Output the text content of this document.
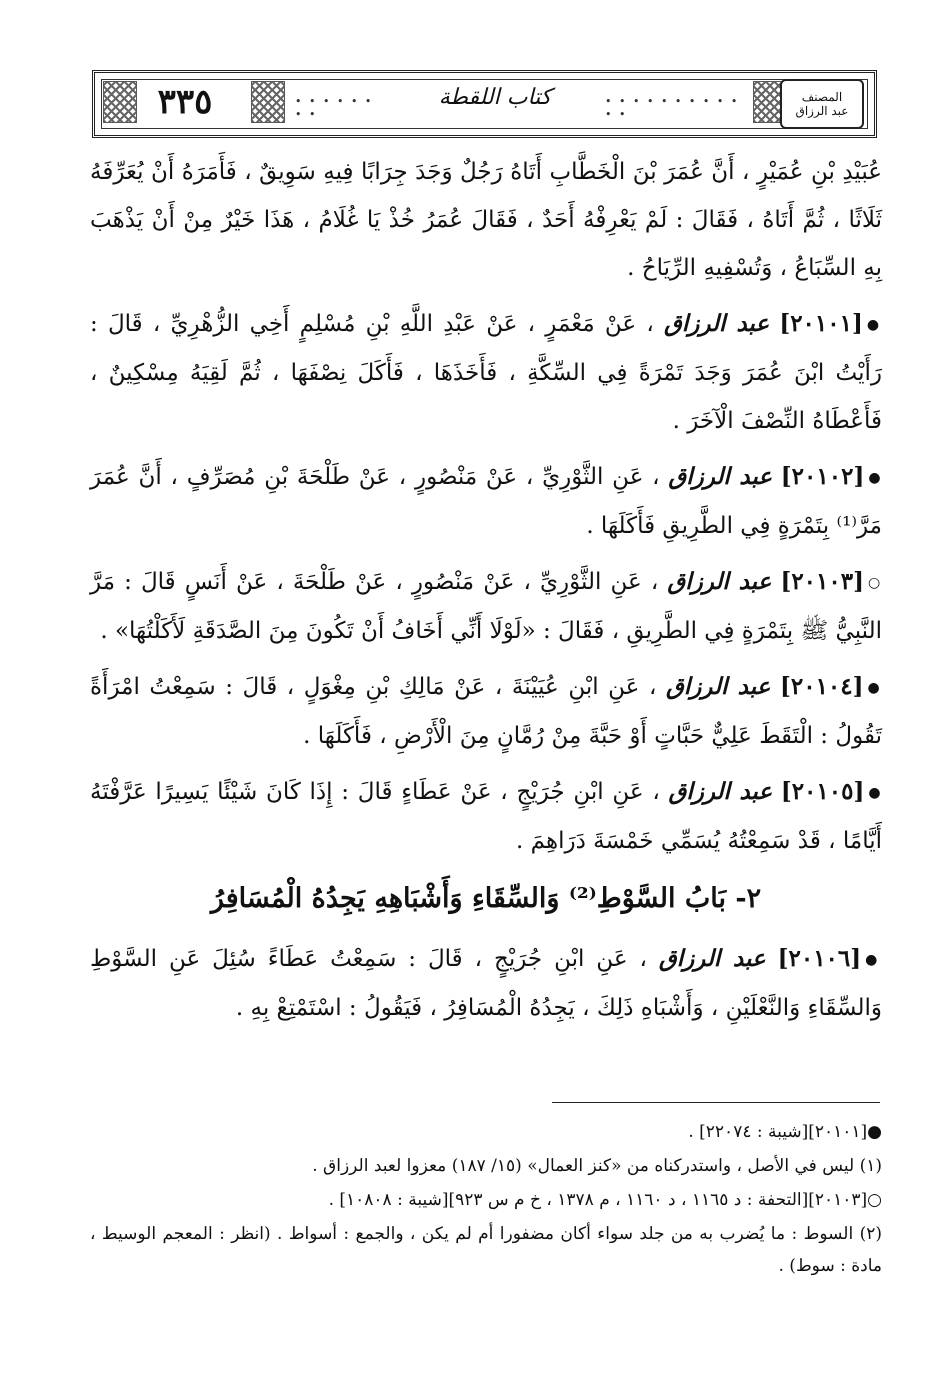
٣٣٥	• • • • • • • •
كتاب اللقطة	• • • • • • • • • • • •
المصنف
عبد الرزاق

عُبَيْدِ بْنِ عُمَيْرٍ ، أَنَّ عُمَرَ بْنَ الْخَطَّابِ أَتَاهُ رَجُلٌ وَجَدَ جِرَابًا فِيهِ سَوِيقٌ ، فَأَمَرَهُ أَنْ يُعَرِّفَهُ ثَلَاثًا ، ثُمَّ أَتَاهُ ، فَقَالَ : لَمْ يَعْرِفْهُ أَحَدٌ ، فَقَالَ عُمَرُ خُذْ يَا غُلَامُ ، هَذَا خَيْرٌ مِنْ أَنْ يَذْهَبَ بِهِ السِّبَاعُ ، وَتُسْفِيهِ الرِّيَاحُ .

●[٢٠١٠١] عبد الرزاق ، عَنْ مَعْمَرٍ ، عَنْ عَبْدِ اللَّهِ بْنِ مُسْلِمٍ أَخِي الزُّهْرِيِّ ، قَالَ : رَأَيْتُ ابْنَ عُمَرَ وَجَدَ تَمْرَةً فِي السِّكَّةِ ، فَأَخَذَهَا ، فَأَكَلَ نِصْفَهَا ، ثُمَّ لَقِيَهُ مِسْكِينٌ ، فَأَعْطَاهُ النِّصْفَ الْآخَرَ .

●[٢٠١٠٢] عبد الرزاق ، عَنِ الثَّوْرِيِّ ، عَنْ مَنْصُورٍ ، عَنْ طَلْحَةَ بْنِ مُصَرِّفٍ ، أَنَّ عُمَرَ مَرَّ⁽¹⁾ بِتَمْرَةٍ فِي الطَّرِيقِ فَأَكَلَهَا .

○[٢٠١٠٣] عبد الرزاق ، عَنِ الثَّوْرِيِّ ، عَنْ مَنْصُورٍ ، عَنْ طَلْحَةَ ، عَنْ أَنَسٍ قَالَ : مَرَّ النَّبِيُّ ﷺ بِتَمْرَةٍ فِي الطَّرِيقِ ، فَقَالَ : «لَوْلَا أَنِّي أَخَافُ أَنْ تَكُونَ مِنَ الصَّدَقَةِ لَأَكَلْتُهَا» .

●[٢٠١٠٤] عبد الرزاق ، عَنِ ابْنِ عُيَيْنَةَ ، عَنْ مَالِكِ بْنِ مِغْوَلٍ ، قَالَ : سَمِعْتُ امْرَأَةً تَقُولُ : الْتَقَطَ عَلِيٌّ حَبَّاتٍ أَوْ حَبَّةَ مِنْ رُمَّانٍ مِنَ الْأَرْضِ ، فَأَكَلَهَا .

●[٢٠١٠٥] عبد الرزاق ، عَنِ ابْنِ جُرَيْجٍ ، عَنْ عَطَاءٍ قَالَ : إِذَا كَانَ شَيْئًا يَسِيرًا عَرَّفْتَهُ أَيَّامًا ، قَدْ سَمِعْتُهُ يُسَمِّي خَمْسَةَ دَرَاهِمَ .

٢- بَابُ السَّوْطِ⁽²⁾ وَالسِّقَاءِ وَأَشْبَاهِهِ يَجِدُهُ الْمُسَافِرُ

●[٢٠١٠٦] عبد الرزاق ، عَنِ ابْنِ جُرَيْجٍ ، قَالَ : سَمِعْتُ عَطَاءً سُئِلَ عَنِ السَّوْطِ وَالسِّقَاءِ وَالنَّعْلَيْنِ ، وَأَشْبَاهِ ذَلِكَ ، يَجِدُهُ الْمُسَافِرُ ، فَيَقُولُ : اسْتَمْتِعْ بِهِ .

●[٢٠١٠١][شيبة : ٢٢٠٧٤] .

(١) ليس في الأصل ، واستدركناه من «كنز العمال» (١٥/ ١٨٧) معزوا لعبد الرزاق .

○[٢٠١٠٣][التحفة : د ١١٦٥ ، د ١١٦٠ ، م ١٣٧٨ ، خ م س ٩٢٣][شيبة : ١٠٨٠٨] .

(٢) السوط : ما يُضرب به من جلد سواء أكان مضفورا أم لم يكن ، والجمع : أسواط . (انظر : المعجم الوسيط ، مادة : سوط) .
